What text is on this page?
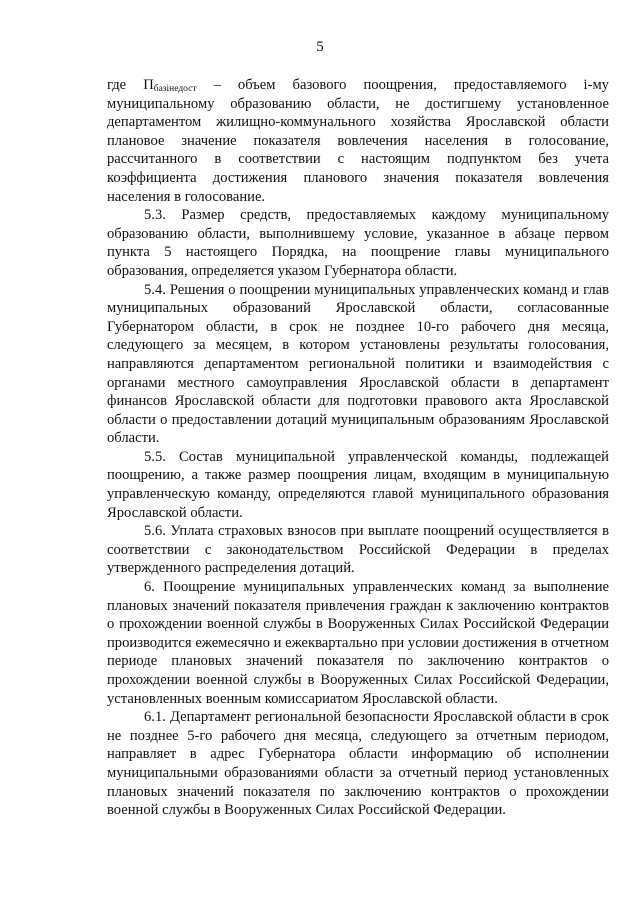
5

где $П_{базінедост}$ – объем базового поощрения, предоставляемого і-му муниципальному образованию области, не достигшему установленное департаментом жилищно-коммунального хозяйства Ярославской области плановое значение показателя вовлечения населения в голосование, рассчитанного в соответствии с настоящим подпунктом без учета коэффициента достижения планового значения показателя вовлечения населения в голосование.

5.3. Размер средств, предоставляемых каждому муниципальному образованию области, выполнившему условие, указанное в абзаце первом пункта 5 настоящего Порядка, на поощрение главы муниципального образования, определяется указом Губернатора области.

5.4. Решения о поощрении муниципальных управленческих команд и глав муниципальных образований Ярославской области, согласованные Губернатором области, в срок не позднее 10-го рабочего дня месяца, следующего за месяцем, в котором установлены результаты голосования, направляются департаментом региональной политики и взаимодействия с органами местного самоуправления Ярославской области в департамент финансов Ярославской области для подготовки правового акта Ярославской области о предоставлении дотаций муниципальным образованиям Ярославской области.

5.5. Состав муниципальной управленческой команды, подлежащей поощрению, а также размер поощрения лицам, входящим в муниципальную управленческую команду, определяются главой муниципального образования Ярославской области.

5.6. Уплата страховых взносов при выплате поощрений осуществляется в соответствии с законодательством Российской Федерации в пределах утвержденного распределения дотаций.

6. Поощрение муниципальных управленческих команд за выполнение плановых значений показателя привлечения граждан к заключению контрактов о прохождении военной службы в Вооруженных Силах Российской Федерации производится ежемесячно и ежеквартально при условии достижения в отчетном периоде плановых значений показателя по заключению контрактов о прохождении военной службы в Вооруженных Силах Российской Федерации, установленных военным комиссариатом Ярославской области.

6.1. Департамент региональной безопасности Ярославской области в срок не позднее 5-го рабочего дня месяца, следующего за отчетным периодом, направляет в адрес Губернатора области информацию об исполнении муниципальными образованиями области за отчетный период установленных плановых значений показателя по заключению контрактов о прохождении военной службы в Вооруженных Силах Российской Федерации.
